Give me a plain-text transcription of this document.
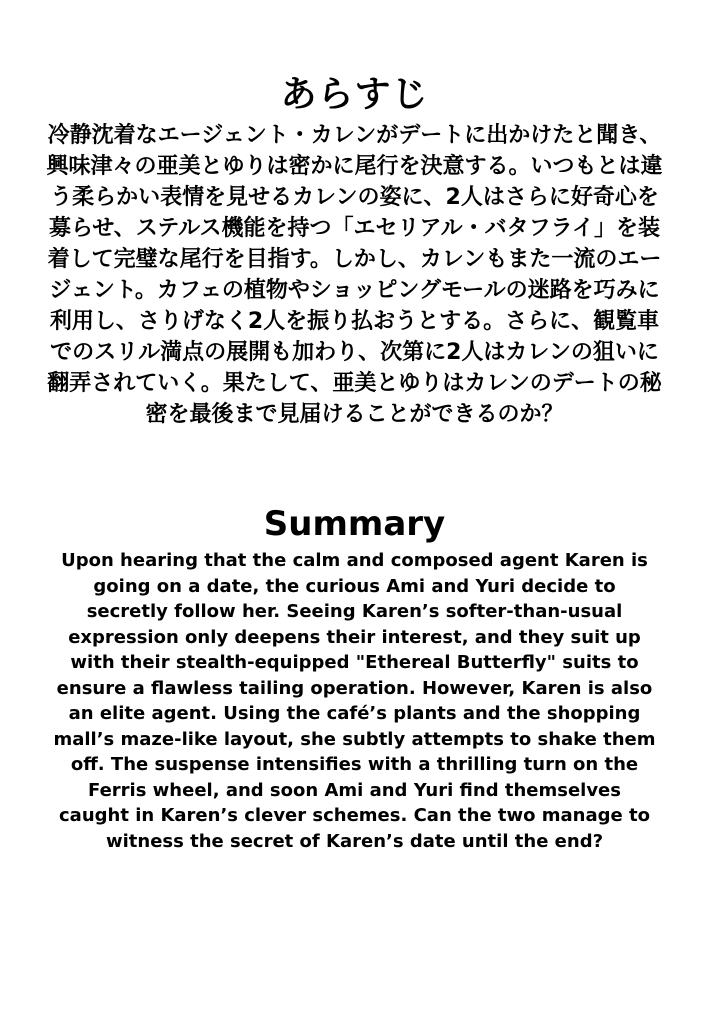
あらすじ

冷静沈着なエージェント・カレンがデートに出かけたと聞き、興味津々の亜美とゆりは密かに尾行を決意する。いつもとは違う柔らかい表情を見せるカレンの姿に、2人はさらに好奇心を募らせ、ステルス機能を持つ「エセリアル・バタフライ」を装着して完璧な尾行を目指す。しかし、カレンもまた一流のエージェント。カフェの植物やショッピングモールの迷路を巧みに利用し、さりげなく2人を振り払おうとする。さらに、観覧車でのスリル満点の展開も加わり、次第に2人はカレンの狙いに翻弄されていく。果たして、亜美とゆりはカレンのデートの秘密を最後まで見届けることができるのか？

Summary

Upon hearing that the calm and composed agent Karen is going on a date, the curious Ami and Yuri decide to secretly follow her. Seeing Karen’s softer-than-usual expression only deepens their interest, and they suit up with their stealth-equipped "Ethereal Butterfly" suits to ensure a flawless tailing operation. However, Karen is also an elite agent. Using the café’s plants and the shopping mall’s maze-like layout, she subtly attempts to shake them off. The suspense intensifies with a thrilling turn on the Ferris wheel, and soon Ami and Yuri find themselves caught in Karen’s clever schemes. Can the two manage to witness the secret of Karen’s date until the end?
